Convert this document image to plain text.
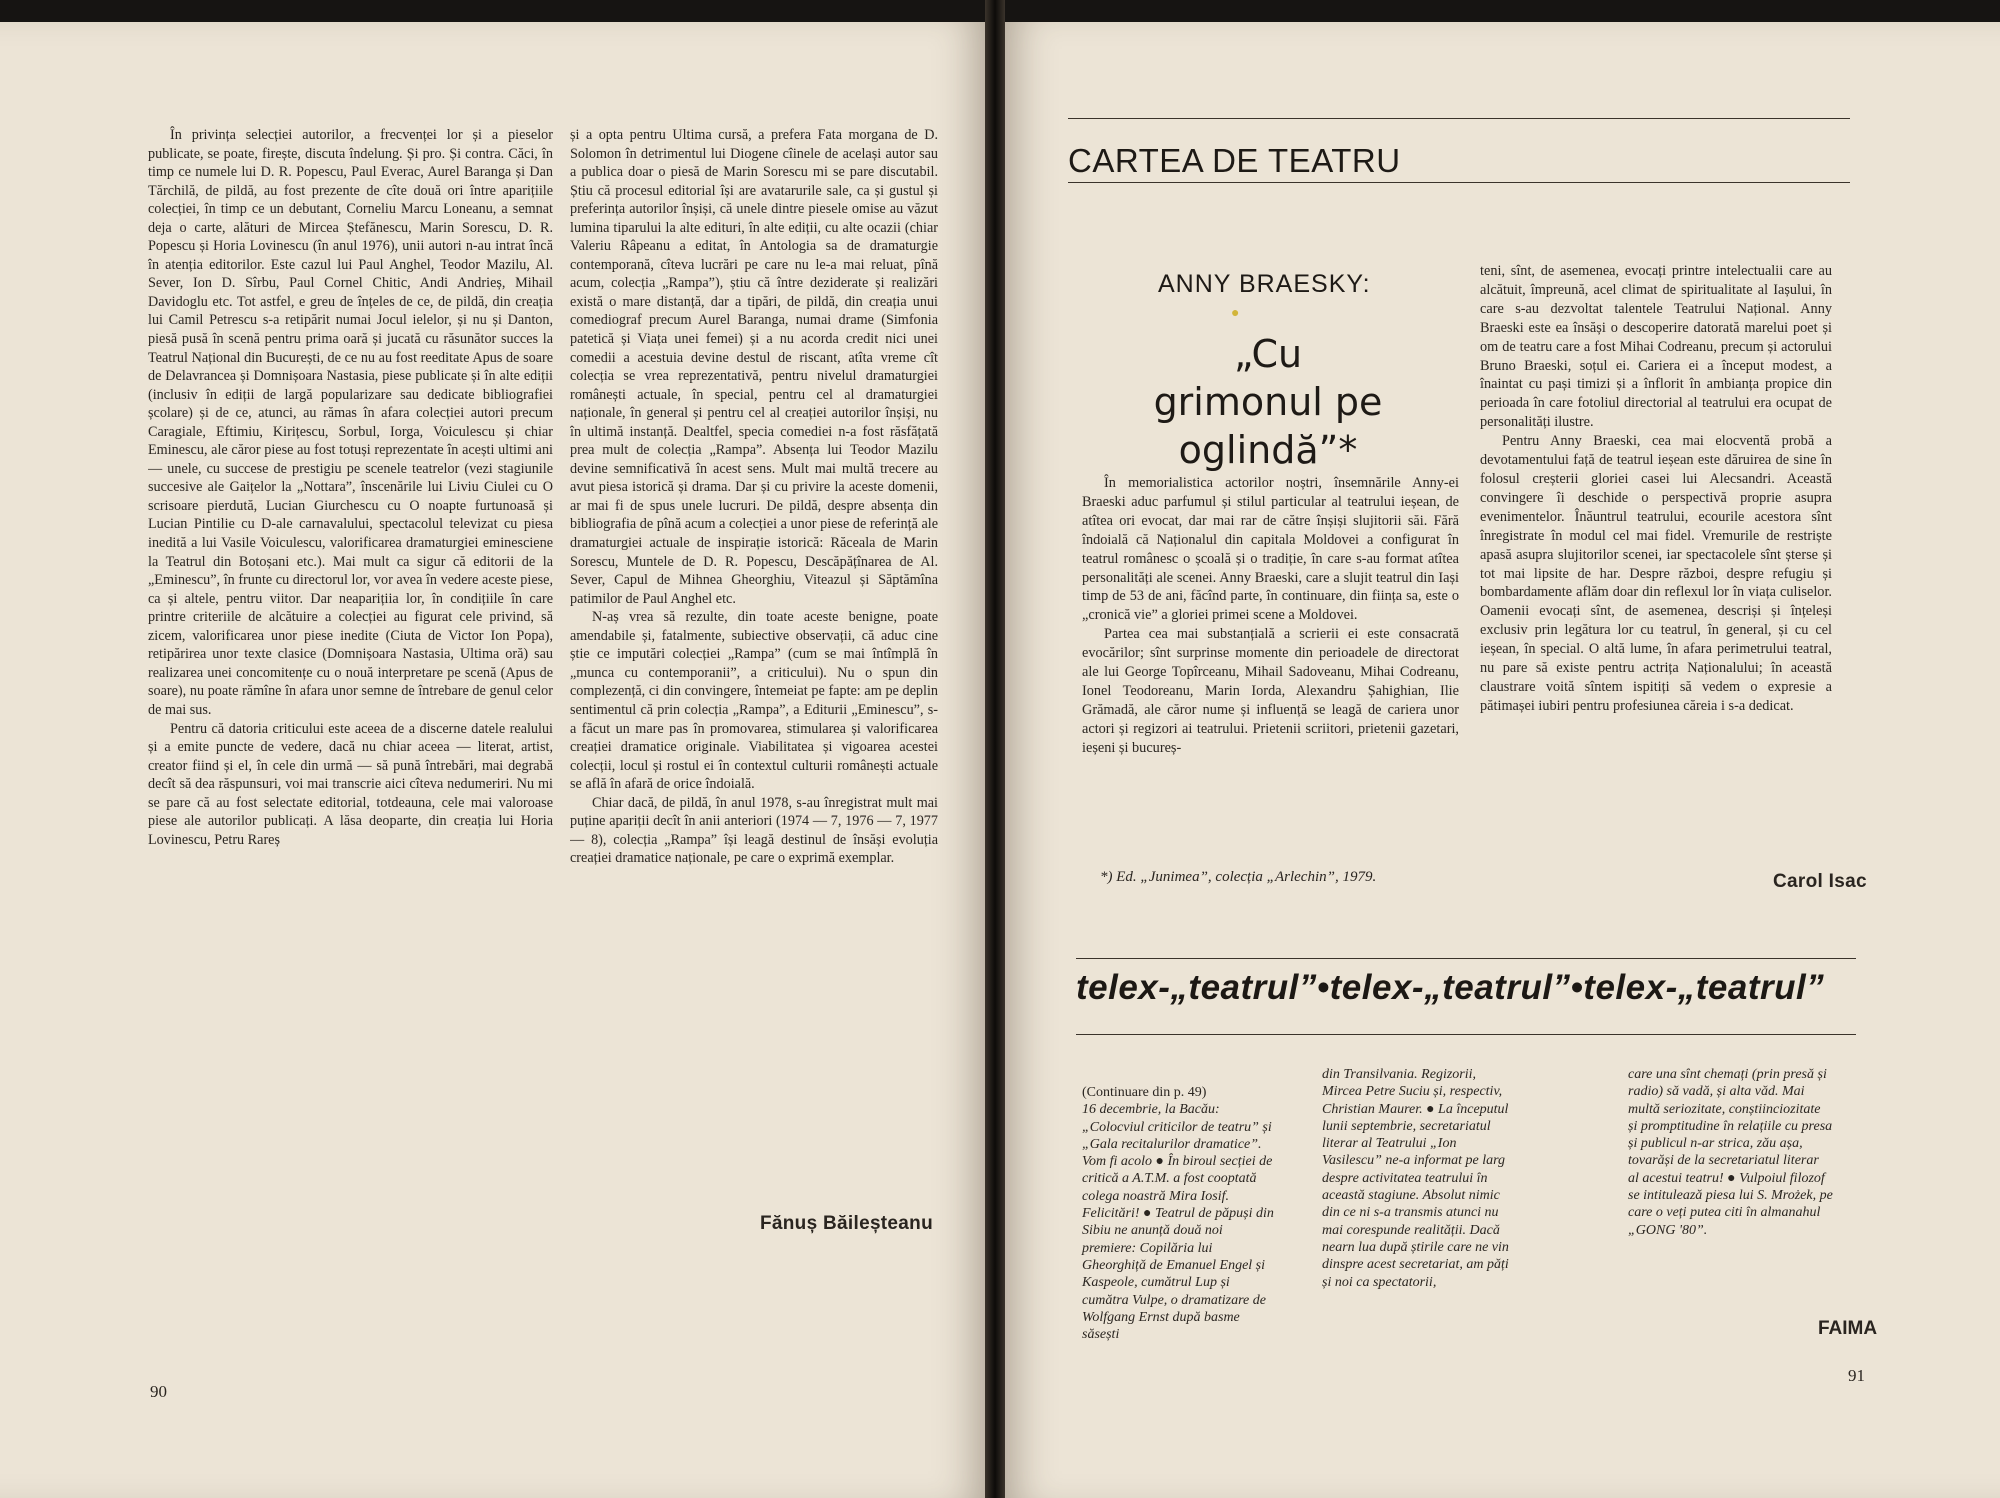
În privința selecției autorilor, a frecvenței lor și a pieselor publicate, se poate, firește, discuta îndelung. Și pro. Și contra. Căci, în timp ce numele lui D. R. Popescu, Paul Everac, Aurel Baranga și Dan Tărchilă, de pildă, au fost prezente de cîte două ori între aparițiile colecției, în timp ce un debutant, Corneliu Marcu Loneanu, a semnat deja o carte, alături de Mircea Ștefănescu, Marin Sorescu, D. R. Popescu și Horia Lovinescu (în anul 1976), unii autori n-au intrat încă în atenția editorilor. Este cazul lui Paul Anghel, Teodor Mazilu, Al. Sever, Ion D. Sîrbu, Paul Cornel Chitic, Andi Andrieș, Mihail Davidoglu etc. Tot astfel, e greu de înțeles de ce, de pildă, din creația lui Camil Petrescu s-a retipărit numai Jocul ielelor, și nu și Danton, piesă pusă în scenă pentru prima oară și jucată cu răsunător succes la Teatrul Național din București, de ce nu au fost reeditate Apus de soare de Delavrancea și Domnișoara Nastasia, piese publicate și în alte ediții (inclusiv în ediții de largă popularizare sau dedicate bibliografiei școlare) și de ce, atunci, au rămas în afara colecției autori precum Caragiale, Eftimiu, Kirițescu, Sorbul, Iorga, Voiculescu și chiar Eminescu, ale căror piese au fost totuși reprezentate în acești ultimi ani — unele, cu succese de prestigiu pe scenele teatrelor (vezi stagiunile succesive ale Gaițelor la „Nottara”, înscenările lui Liviu Ciulei cu O scrisoare pierdută, Lucian Giurchescu cu O noapte furtunoasă și Lucian Pintilie cu D-ale carnavalului, spectacolul televizat cu piesa inedită a lui Vasile Voiculescu, valorificarea dramaturgiei eminesciene la Teatrul din Botoșani etc.). Mai mult ca sigur că editorii de la „Eminescu”, în frunte cu directorul lor, vor avea în vedere aceste piese, ca și altele, pentru viitor. Dar neaparițiia lor, în condițiile în care printre criteriile de alcătuire a colecției au figurat cele privind, să zicem, valorificarea unor piese inedite (Ciuta de Victor Ion Popa), retipărirea unor texte clasice (Domnișoara Nastasia, Ultima oră) sau realizarea unei concomitențe cu o nouă interpretare pe scenă (Apus de soare), nu poate rămîne în afara unor semne de întrebare de genul celor de mai sus.

Pentru că datoria criticului este aceea de a discerne datele realului și a emite puncte de vedere, dacă nu chiar aceea — literat, artist, creator fiind și el, în cele din urmă — să pună întrebări, mai degrabă decît să dea răspunsuri, voi mai transcrie aici cîteva nedumeriri. Nu mi se pare că au fost selectate editorial, totdeauna, cele mai valoroase piese ale autorilor publicați. A lăsa deoparte, din creația lui Horia Lovinescu, Petru Rareș

și a opta pentru Ultima cursă, a prefera Fata morgana de D. Solomon în detrimentul lui Diogene cîinele de același autor sau a publica doar o piesă de Marin Sorescu mi se pare discutabil. Știu că procesul editorial își are avatarurile sale, ca și gustul și preferința autorilor înșiși, că unele dintre piesele omise au văzut lumina tiparului la alte edituri, în alte ediții, cu alte ocazii (chiar Valeriu Râpeanu a editat, în Antologia sa de dramaturgie contemporană, cîteva lucrări pe care nu le-a mai reluat, pînă acum, colecția „Rampa”), știu că între deziderate și realizări există o mare distanță, dar a tipări, de pildă, din creația unui comediograf precum Aurel Baranga, numai drame (Simfonia patetică și Viața unei femei) și a nu acorda credit nici unei comedii a acestuia devine destul de riscant, atîta vreme cît colecția se vrea reprezentativă, pentru nivelul dramaturgiei românești actuale, în special, pentru cel al dramaturgiei naționale, în general și pentru cel al creației autorilor înșiși, nu în ultimă instanță. Dealtfel, specia comediei n-a fost răsfățată prea mult de colecția „Rampa”. Absența lui Teodor Mazilu devine semnificativă în acest sens. Mult mai multă trecere au avut piesa istorică și drama. Dar și cu privire la aceste domenii, ar mai fi de spus unele lucruri. De pildă, despre absența din bibliografia de pînă acum a colecției a unor piese de referință ale dramaturgiei actuale de inspirație istorică: Răceala de Marin Sorescu, Muntele de D. R. Popescu, Descăpățînarea de Al. Sever, Capul de Mihnea Gheorghiu, Viteazul și Săptămîna patimilor de Paul Anghel etc.

N-aș vrea să rezulte, din toate aceste benigne, poate amendabile și, fatalmente, subiective observații, că aduc cine știe ce imputări colecției „Rampa” (cum se mai întîmplă în „munca cu contemporanii”, a criticului). Nu o spun din complezență, ci din convingere, întemeiat pe fapte: am pe deplin sentimentul că prin colecția „Rampa”, a Editurii „Eminescu”, s-a făcut un mare pas în promovarea, stimularea și valorificarea creației dramatice originale. Viabilitatea și vigoarea acestei colecții, locul și rostul ei în contextul culturii românești actuale se află în afară de orice îndoială.

Chiar dacă, de pildă, în anul 1978, s-au înregistrat mult mai puține apariții decît în anii anteriori (1974 — 7, 1976 — 7, 1977 — 8), colecția „Rampa” își leagă destinul de însăși evoluția creației dramatice naționale, pe care o exprimă exemplar.

Fănuș Băileșteanu
90
CARTEA DE TEATRU
ANNY BRAESKY:
●
„Cu grimonul pe oglindă”*

În memorialistica actorilor noștri, însemnările Anny-ei Braeski aduc parfumul și stilul particular al teatrului ieșean, de atîtea ori evocat, dar mai rar de către înșiși slujitorii săi. Fără îndoială că Naționalul din capitala Moldovei a configurat în teatrul românesc o școală și o tradiție, în care s-au format atîtea personalități ale scenei. Anny Braeski, care a slujit teatrul din Iași timp de 53 de ani, făcînd parte, în continuare, din ființa sa, este o „cronică vie” a gloriei primei scene a Moldovei.

Partea cea mai substanțială a scrierii ei este consacrată evocărilor; sînt surprinse momente din perioadele de directorat ale lui George Topîrceanu, Mihail Sadoveanu, Mihai Codreanu, Ionel Teodoreanu, Marin Iorda, Alexandru Șahighian, Ilie Grămadă, ale căror nume și influență se leagă de cariera unor actori și regizori ai teatrului. Prietenii scriitori, prietenii gazetari, ieșeni și bucureș-

*) Ed. „Junimea”, colecția „Arlechin”, 1979.

teni, sînt, de asemenea, evocați printre intelectualii care au alcătuit, împreună, acel climat de spiritualitate al Iașului, în care s-au dezvoltat talentele Teatrului Național. Anny Braeski este ea însăși o descoperire datorată marelui poet și om de teatru care a fost Mihai Codreanu, precum și actorului Bruno Braeski, soțul ei. Cariera ei a început modest, a înaintat cu pași timizi și a înflorit în ambianța propice din perioada în care fotoliul directorial al teatrului era ocupat de personalități ilustre.

Pentru Anny Braeski, cea mai elocventă probă a devotamentului față de teatrul ieșean este dăruirea de sine în folosul creșterii gloriei casei lui Alecsandri. Această convingere îi deschide o perspectivă proprie asupra evenimentelor. Înăuntrul teatrului, ecourile acestora sînt înregistrate în modul cel mai fidel. Vremurile de restriște apasă asupra slujitorilor scenei, iar spectacolele sînt șterse și tot mai lipsite de har. Despre război, despre refugiu și bombardamente aflăm doar din reflexul lor în viața culiselor. Oamenii evocați sînt, de asemenea, descriși și înțeleși exclusiv prin legătura lor cu teatrul, în general, și cu cel ieșean, în special. O altă lume, în afara perimetrului teatral, nu pare să existe pentru actrița Naționalului; în această claustrare voită sîntem ispitiți să vedem o expresie a pătimașei iubiri pentru profesiunea căreia i s-a dedicat.

Carol Isac
telex-„teatrul”•telex-„teatrul”•telex-„teatrul”
(Continuare din p. 49)
16 decembrie, la Bacău: „Colocviul criticilor de teatru” și „Gala recitalurilor dramatice”. Vom fi acolo ● În biroul secției de critică a A.T.M. a fost cooptată colega noastră Mira Iosif. Felicitări! ● Teatrul de păpuși din Sibiu ne anunță două noi premiere: Copilăria lui Gheorghiță de Emanuel Engel și Kaspeole, cumătrul Lup și cumătra Vulpe, o dramatizare de Wolfgang Ernst după basme săsești
din Transilvania. Regizorii, Mircea Petre Suciu și, respectiv, Christian Maurer. ● La începutul lunii septembrie, secretariatul literar al Teatrului „Ion Vasilescu” ne-a informat pe larg despre activitatea teatrului în această stagiune. Absolut nimic din ce ni s-a transmis atunci nu mai corespunde realității. Dacă nearn lua după știrile care ne vin dinspre acest secretariat, am păți și noi ca spectatorii,
care una sînt chemați (prin presă și radio) să vadă, și alta văd. Mai multă seriozitate, conștiinciozitate și promptitudine în relațiile cu presa și publicul n-ar strica, zău așa, tovarăși de la secretariatul literar al acestui teatru! ● Vulpoiul filozof se intitulează piesa lui S. Mrożek, pe care o veți putea citi în almanahul „GONG '80”.
FAIMA
91
